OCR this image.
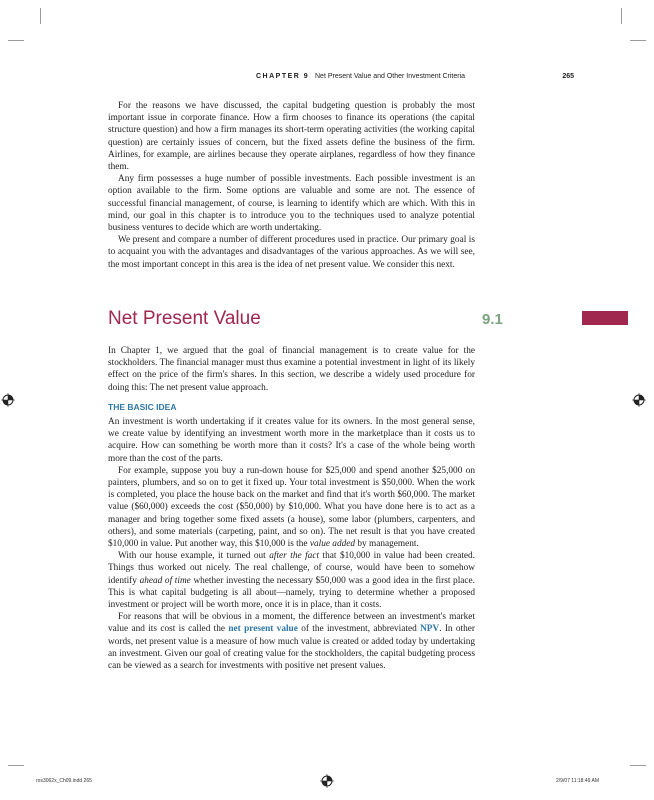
CHAPTER 9 Net Present Value and Other Investment Criteria	265

For the reasons we have discussed, the capital budgeting question is probably the most important issue in corporate finance. How a firm chooses to finance its operations (the capital structure question) and how a firm manages its short-term operating activities (the working capital question) are certainly issues of concern, but the fixed assets define the business of the firm. Airlines, for example, are airlines because they operate airplanes, regardless of how they finance them.

Any firm possesses a huge number of possible investments. Each possible investment is an option available to the firm. Some options are valuable and some are not. The essence of successful financial management, of course, is learning to identify which are which. With this in mind, our goal in this chapter is to introduce you to the techniques used to analyze potential business ventures to decide which are worth undertaking.

We present and compare a number of different procedures used in practice. Our primary goal is to acquaint you with the advantages and disadvantages of the various approaches. As we will see, the most important concept in this area is the idea of net present value. We consider this next.

Net Present Value	9.1

In Chapter 1, we argued that the goal of financial management is to create value for the stockholders. The financial manager must thus examine a potential investment in light of its likely effect on the price of the firm's shares. In this section, we describe a widely used procedure for doing this: The net present value approach.

THE BASIC IDEA

An investment is worth undertaking if it creates value for its owners. In the most general sense, we create value by identifying an investment worth more in the marketplace than it costs us to acquire. How can something be worth more than it costs? It's a case of the whole being worth more than the cost of the parts.

For example, suppose you buy a run-down house for $25,000 and spend another $25,000 on painters, plumbers, and so on to get it fixed up. Your total investment is $50,000. When the work is completed, you place the house back on the market and find that it's worth $60,000. The market value ($60,000) exceeds the cost ($50,000) by $10,000. What you have done here is to act as a manager and bring together some fixed assets (a house), some labor (plumbers, carpenters, and others), and some materials (carpeting, paint, and so on). The net result is that you have created $10,000 in value. Put another way, this $10,000 is the value added by management.

With our house example, it turned out after the fact that $10,000 in value had been created. Things thus worked out nicely. The real challenge, of course, would have been to somehow identify ahead of time whether investing the necessary $50,000 was a good idea in the first place. This is what capital budgeting is all about—namely, trying to determine whether a proposed investment or project will be worth more, once it is in place, than it costs.

For reasons that will be obvious in a moment, the difference between an investment's market value and its cost is called the net present value of the investment, abbreviated NPV. In other words, net present value is a measure of how much value is created or added today by undertaking an investment. Given our goal of creating value for the stockholders, the capital budgeting process can be viewed as a search for investments with positive net present values.

ros3062x_Ch09.indd 265	2/9/07 11:18:49 AM
